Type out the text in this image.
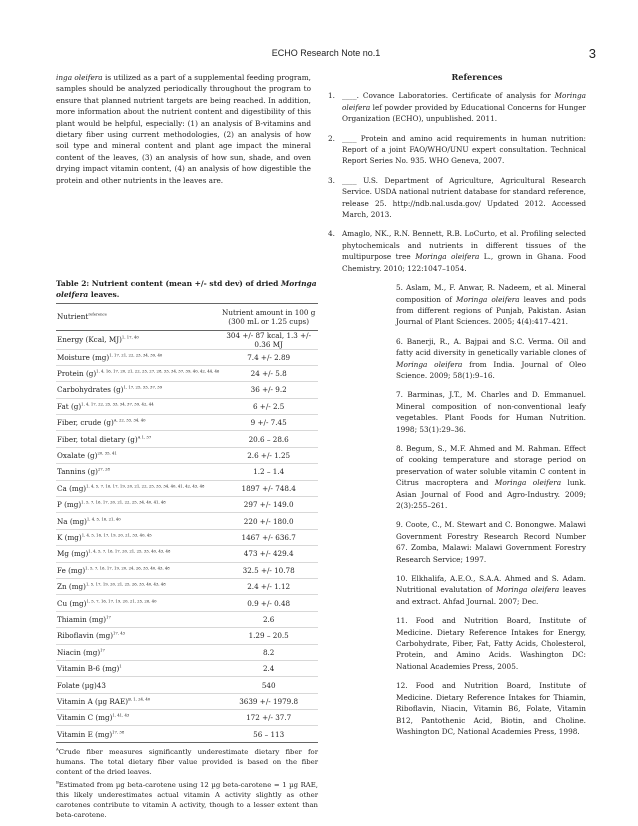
ECHO Research Note no.1	3
inga oleifera is utilized as a part of a supplemental feeding program, samples should be analyzed periodically throughout the program to ensure that planned nutrient targets are being reached. In addition, more information about the nutrient content and digestibility of this plant would be helpful, especially: (1) an analysis of B-vitamins and dietary fiber using current methodologies, (2) an analysis of how soil type and mineral content and plant age impact the mineral content of the leaves, (3) an analysis of how sun, shade, and oven drying impact vitamin content, (4) an analysis of how digestible the protein and other nutrients in the leaves are.
Table 2: Nutrient content (mean +/- std dev) of dried Moringa oleifera leaves.
Nutrient$^{reference}$	Nutrient amount in 100 g
(300 mL or 1.25 cups)

Energy (Kcal, MJ)$^{1, 17, 40}$	304 +/- 87 kcal, 1.3 +/- 0.36 MJ
Moisture (mg)$^{1, 17, 21, 22, 23, 34, 39, 40}$	7.4 +/- 2.89
Protein $(g)^{1, 4, 16, 17, 20, 21, 22, 25, 27, 28, 33, 34, 37, 39, 40, 42, 44, 46}$	24 +/- 5.8
Carbohydrates $(g)^{1, 17, 25, 33, 37, 39}$	36 +/- 9.2
Fat $(g)^{1, 4, 17, 22, 25, 33, 34, 37, 39, 42, 44}$	6 +/- 2.5
Fiber, crude $(g)^{A, 22, 33, 34, 40}$	9 +/- 7.45
Fiber, total dietary $(g)^{A 1, 37}$	20.6 – 28.6
Oxalate $(g)^{20, 35, 41}$	2.6 +/- 1.25
Tannins $(g)^{27, 28}$	1.2 – 1.4
Ca (mg)$^{1, 4, 5, 7, 16, 17, 19, 20, 21, 22, 25, 33, 34, 40, 41, 42, 43, 48}$	1897 +/- 748.4
P (mg)$^{1, 5, 7, 16, 17, 20, 21, 22, 25, 34, 40, 41, 48}$	297 +/- 149.0
Na (mg)$^{1, 4, 5, 16, 21, 40}$	220 +/- 180.0
K (mg)$^{1, 4, 5, 16, 17, 19, 20, 21, 33, 40, 45}$	1467 +/- 636.7
Mg (mg)$^{1, 4, 5, 7, 16, 17, 20, 21, 25, 33, 40, 43, 48}$	473 +/- 429.4
Fe (mg)$^{1, 5, 7, 16, 17, 19, 20, 24, 26, 33, 40, 43, 48}$	32.5 +/- 10.78
Zn (mg)$^{1, 5, 17, 19, 20, 21, 25, 26, 33, 40, 43, 48}$	2.4 +/- 1.12
Cu (mg)$^{1, 5, 7, 16, 17, 19, 20, 21, 25, 26, 40}$	0.9 +/- 0.48
Thiamin (mg)$^{17}$	2.6
Riboflavin (mg)$^{17, 43}$	1.29 – 20.5
Niacin (mg)$^{17}$	8.2
Vitamin B-6 (mg)$^1$	2.4
Folate (µg)43	540
Vitamin A (µg RAE)$^{B, 1, 24, 40}$	3639 +/- 1979.8
Vitamin C (mg)$^{1, 41, 43}$	172 +/- 37.7
Vitamin E (mg)$^{17, 38}$	56 – 113

$^A$Crude fiber measures significantly underestimate dietary fiber for humans. The total dietary fiber value provided is based on the fiber content of the dried leaves.

$^B$Estimated from µg beta-carotene using 12 µg beta-carotene = 1 µg RAE, this likely underestimates actual vitamin A activity slightly as other carotenes contribute to vitamin A activity, though to a lesser extent than beta-carotene.

References
1. ____. Covance Laboratories. Certificate of analysis for Moringa oleifera lef powder provided by Educational Concerns for Hunger Organization (ECHO), unpublished. 2011.
2. ____ Protein and amino acid requirements in human nutrition: Report of a joint FAO/WHO/UNU expert consultation. Technical Report Series No. 935. WHO Geneva, 2007.
3. ____ U.S. Department of Agriculture, Agricultural Research Service. USDA national nutrient database for standard reference, release 25. http://ndb.nal.usda.gov/ Updated 2012. Accessed March, 2013.
4. Amaglo, NK., R.N. Bennett, R.B. LoCurto, et al. Profiling selected phytochemicals and nutrients in different tissues of the multipurpose tree Moringa oleifera L., grown in Ghana. Food Chemistry. 2010; 122:1047–1054.
5. Aslam, M., F. Anwar, R. Nadeem, et al. Mineral composition of Moringa oleifera leaves and pods from different regions of Punjab, Pakistan. Asian Journal of Plant Sciences. 2005; 4(4):417–421.
6. Banerji, R., A. Bajpai and S.C. Verma. Oil and fatty acid diversity in genetically variable clones of Moringa oleifera from India. Journal of Oleo Science. 2009; 58(1):9–16.
7. Barminas, J.T., M. Charles and D. Emmanuel. Mineral composition of non-conventional leafy vegetables. Plant Foods for Human Nutrition. 1998; 53(1):29–36.
8. Begum, S., M.F. Ahmed and M. Rahman. Effect of cooking temperature and storage period on preservation of water soluble vitamin C content in Citrus macroptera and Moringa oleifera lunk. Asian Journal of Food and Agro-Industry. 2009; 2(3):255–261.
9. Coote, C., M. Stewart and C. Bonongwe. Malawi Government Forestry Research Record Number 67. Zomba, Malawi: Malawi Government Forestry Research Service; 1997.
10. Elkhalifa, A.E.O., S.A.A. Ahmed and S. Adam. Nutritional evalutation of Moringa oleifera leaves and extract. Ahfad Journal. 2007; Dec.
11. Food and Nutrition Board, Institute of Medicine. Dietary Reference Intakes for Energy, Carbohydrate, Fiber, Fat, Fatty Acids, Cholesterol, Protein, and Amino Acids. Washington DC: National Academies Press, 2005.
12. Food and Nutrition Board, Institute of Medicine. Dietary Reference Intakes for Thiamin, Riboflavin, Niacin, Vitamin B6, Folate, Vitamin B12, Pantothenic Acid, Biotin, and Choline. Washington DC, National Academies Press, 1998.
